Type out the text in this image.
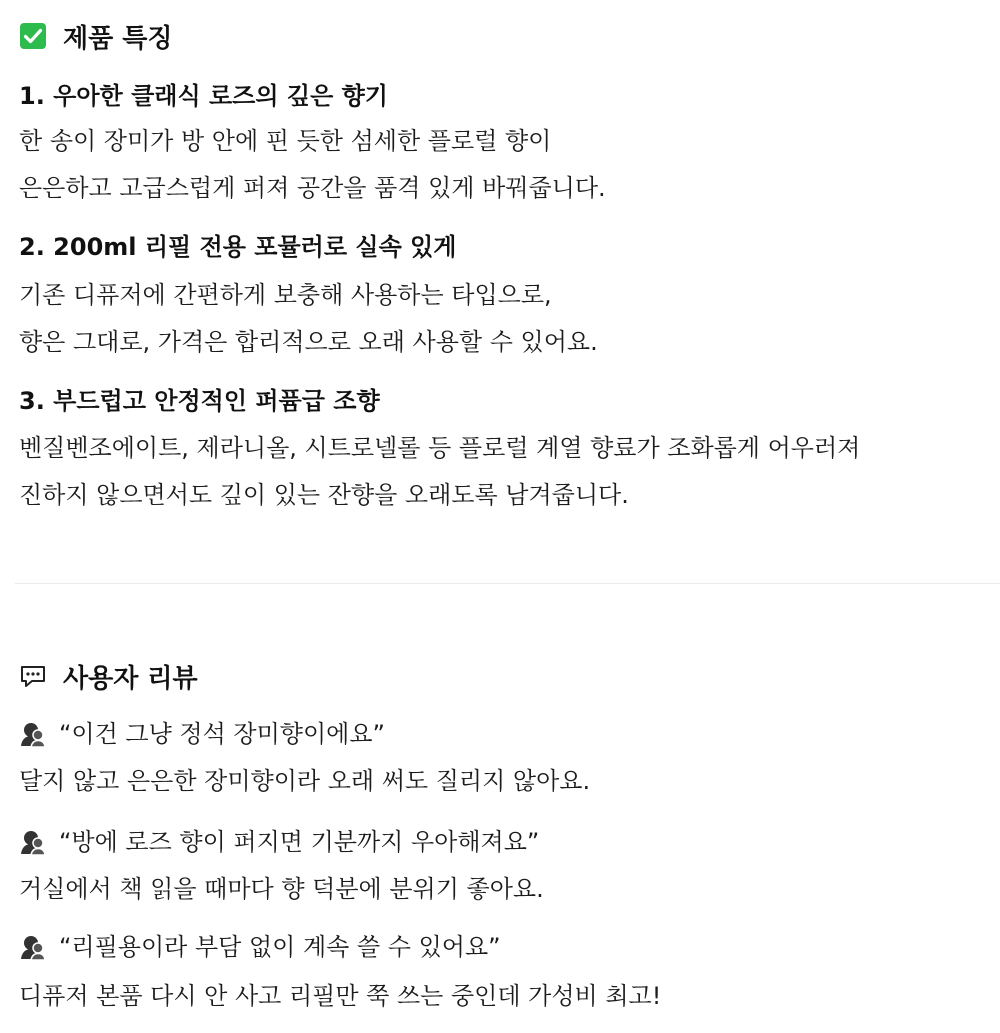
제품 특징
1. 우아한 클래식 로즈의 깊은 향기
한 송이 장미가 방 안에 핀 듯한 섬세한 플로럴 향이
은은하고 고급스럽게 퍼져 공간을 품격 있게 바꿔줍니다.
2. 200ml 리필 전용 포뮬러로 실속 있게
기존 디퓨저에 간편하게 보충해 사용하는 타입으로,
향은 그대로, 가격은 합리적으로 오래 사용할 수 있어요.
3. 부드럽고 안정적인 퍼퓸급 조향
벤질벤조에이트, 제라니올, 시트로넬롤 등 플로럴 계열 향료가 조화롭게 어우러져
진하지 않으면서도 깊이 있는 잔향을 오래도록 남겨줍니다.
사용자 리뷰
“이건 그냥 정석 장미향이에요”
달지 않고 은은한 장미향이라 오래 써도 질리지 않아요.
“방에 로즈 향이 퍼지면 기분까지 우아해져요”
거실에서 책 읽을 때마다 향 덕분에 분위기 좋아요.
“리필용이라 부담 없이 계속 쓸 수 있어요”
디퓨저 본품 다시 안 사고 리필만 쭉 쓰는 중인데 가성비 최고!
